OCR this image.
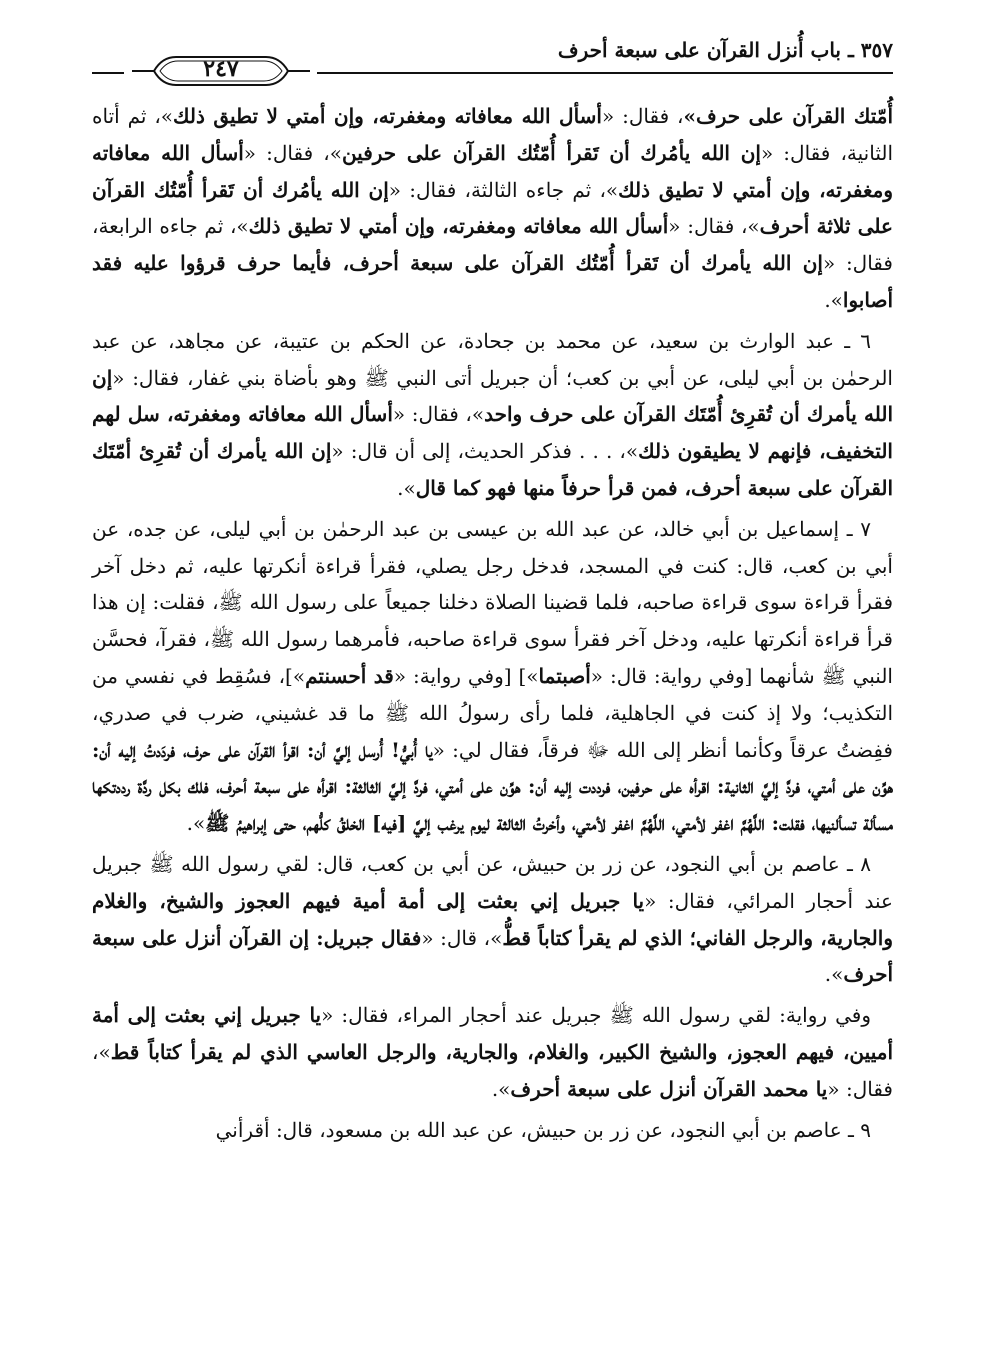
٣٥٧ ـ باب أُنزل القرآن على سبعة أحرف
٢٤٧

أُمّتك القرآن على حرف»، فقال: «أسأل الله معافاته ومغفرته، وإن أمتي لا تطيق ذلك»، ثم أتاه الثانية، فقال: «إن الله يأمُرك أن تَقرأ أُمّتُك القرآن على حرفين»، فقال: «أسأل الله معافاته ومغفرته، وإن أمتي لا تطيق ذلك»، ثم جاءه الثالثة، فقال: «إن الله يأمُرك أن تَقرأ أُمّتُك القرآن على ثلاثة أحرف»، فقال: «أسأل الله معافاته ومغفرته، وإن أمتي لا تطيق ذلك»، ثم جاءه الرابعة، فقال: «إن الله يأمرك أن تَقرأ أُمّتُك القرآن على سبعة أحرف، فأيما حرف قرؤوا عليه فقد أصابوا».

٦ ـ عبد الوارث بن سعيد، عن محمد بن جحادة، عن الحكم بن عتيبة، عن مجاهد، عن عبد الرحمٰن بن أبي ليلى، عن أبي بن كعب؛ أن جبريل أتى النبي ﷺ وهو بأضاة بني غفار، فقال: «إن الله يأمرك أن تُقرِئ أُمّتَك القرآن على حرف واحد»، فقال: «أسأل الله معافاته ومغفرته، سل لهم التخفيف، فإنهم لا يطيقون ذلك»، . . . فذكر الحديث، إلى أن قال: «إن الله يأمرك أن تُقرِئ أمّتَك القرآن على سبعة أحرف، فمن قرأ حرفاً منها فهو كما قال».

٧ ـ إسماعيل بن أبي خالد، عن عبد الله بن عيسى بن عبد الرحمٰن بن أبي ليلى، عن جده، عن أبي بن كعب، قال: كنت في المسجد، فدخل رجل يصلي، فقرأ قراءة أنكرتها عليه، ثم دخل آخر فقرأ قراءة سوى قراءة صاحبه، فلما قضينا الصلاة دخلنا جميعاً على رسول الله ﷺ، فقلت: إن هذا قرأ قراءة أنكرتها عليه، ودخل آخر فقرأ سوى قراءة صاحبه، فأمرهما رسول الله ﷺ، فقرآ، فحسَّن النبي ﷺ شأنهما [وفي رواية: قال: «أصبتما»] [وفي رواية: «قد أحسنتم»]، فسُقِط في نفسي من التكذيب؛ ولا إذ كنت في الجاهلية، فلما رأى رسولُ الله ﷺ ما قد غشيني، ضرب في صدري، ففِضتُ عرقاً وكأنما أنظر إلى الله ﷻ فرقاً، فقال لي: «يا أُبيُّ! أُرسل إليَّ أن: اقرأ القرآن على حرف، فردَدتُ إليه أن: هوِّن على أمتي، فردَّ إليَّ الثانية: اقرأه على حرفين، فرددت إليه أن: هوِّن على أمتي، فردَّ إليَّ الثالثة: اقرأه على سبعة أحرف، فلك بكل ردَّة رددتكها مسألة تسألنيها، فقلت: اللَّهُمَّ اغفر لأمتي، اللَّهُمَّ اغفر لأمتي، وأخرتُ الثالثة ليوم يرغب إليَّ [فيه] الخلقُ كلُّهم، حتى إبراهيمُ ﷺ».

٨ ـ عاصم بن أبي النجود، عن زر بن حبيش، عن أبي بن كعب، قال: لقي رسول الله ﷺ جبريل عند أحجار المرائي، فقال: «يا جبريل إني بعثت إلى أمة أمية فيهم العجوز والشيخ، والغلام والجارية، والرجل الفاني؛ الذي لم يقرأ كتاباً قطُّ»، قال: «فقال جبريل: إن القرآن أنزل على سبعة أحرف».

وفي رواية: لقي رسول الله ﷺ جبريل عند أحجار المراء، فقال: «يا جبريل إني بعثت إلى أمة أميين، فيهم العجوز، والشيخ الكبير، والغلام، والجارية، والرجل العاسي الذي لم يقرأ كتاباً قط»، فقال: «يا محمد القرآن أنزل على سبعة أحرف».

٩ ـ عاصم بن أبي النجود، عن زر بن حبيش، عن عبد الله بن مسعود، قال: أقرأني
